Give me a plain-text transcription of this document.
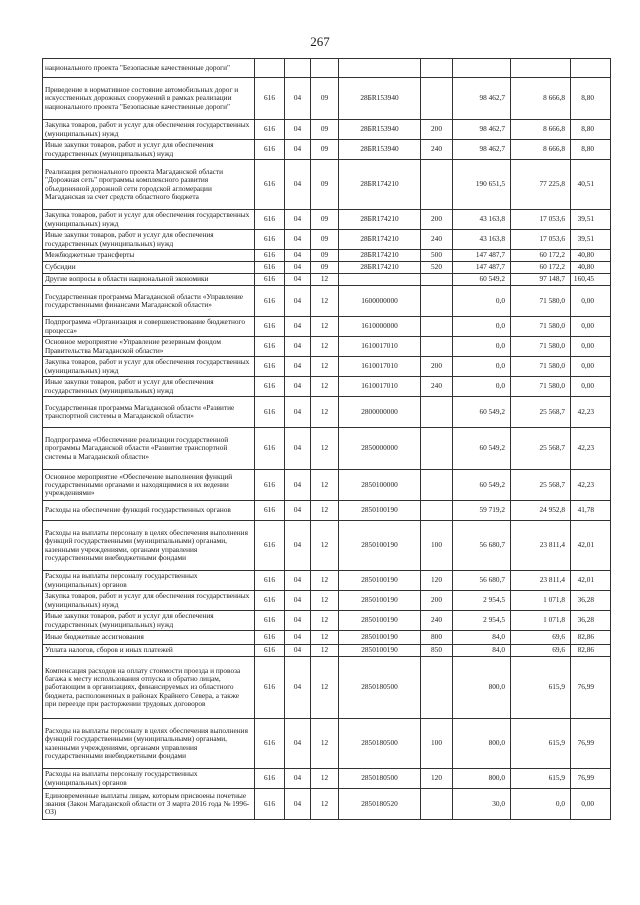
267
национального проекта "Безопасные качественные дороги"								
Приведение в нормативное состояние автомобильных дорог и искусственных дорожных сооружений в рамках реализации национального проекта "Безопасные качественные дороги"	616	04	09	28БR153940		98 462,7	8 666,8	8,80
Закупка товаров, работ и услуг для обеспечения государственных (муниципальных) нужд	616	04	09	28БR153940	200	98 462,7	8 666,8	8,80
Иные закупки товаров, работ и услуг для обеспечения государственных (муниципальных) нужд	616	04	09	28БR153940	240	98 462,7	8 666,8	8,80
Реализация регионального проекта Магаданской области "Дорожная сеть" программы комплексного развития объединенной дорожной сети городской агломерации Магаданская за счет средств областного бюджета	616	04	09	28БR174210		190 651,5	77 225,8	40,51
Закупка товаров, работ и услуг для обеспечения государственных (муниципальных) нужд	616	04	09	28БR174210	200	43 163,8	17 053,6	39,51
Иные закупки товаров, работ и услуг для обеспечения государственных (муниципальных) нужд	616	04	09	28БR174210	240	43 163,8	17 053,6	39,51
Межбюджетные трансферты	616	04	09	28БR174210	500	147 487,7	60 172,2	40,80
Субсидии	616	04	09	28БR174210	520	147 487,7	60 172,2	40,80
Другие вопросы в области национальной экономики	616	04	12			60 549,2	97 148,7	160,45
Государственная программа Магаданской области «Управление государственными финансами Магаданской области»	616	04	12	1600000000		0,0	71 580,0	0,00
Подпрограмма «Организация и совершенствование бюджетного процесса»	616	04	12	1610000000		0,0	71 580,0	0,00
Основное мероприятие «Управление резервным фондом Правительства Магаданской области»	616	04	12	1610017010		0,0	71 580,0	0,00
Закупка товаров, работ и услуг для обеспечения государственных (муниципальных) нужд	616	04	12	1610017010	200	0,0	71 580,0	0,00
Иные закупки товаров, работ и услуг для обеспечения государственных (муниципальных) нужд	616	04	12	1610017010	240	0,0	71 580,0	0,00
Государственная программа Магаданской области «Развитие транспортной системы в Магаданской области»	616	04	12	2800000000		60 549,2	25 568,7	42,23
Подпрограмма «Обеспечение реализации государственной программы Магаданской области «Развитие транспортной системы в Магаданской области»	616	04	12	2850000000		60 549,2	25 568,7	42,23
Основное мероприятие «Обеспечение выполнения функций государственными органами и находящимися в их ведении учреждениями»	616	04	12	2850100000		60 549,2	25 568,7	42,23
Расходы на обеспечение функций государственных органов	616	04	12	2850100190		59 719,2	24 952,8	41,78
Расходы на выплаты персоналу в целях обеспечения выполнения функций государственными (муниципальными) органами, казенными учреждениями, органами управления государственными внебюджетными фондами	616	04	12	2850100190	100	56 680,7	23 811,4	42,01
Расходы на выплаты персоналу государственных (муниципальных) органов	616	04	12	2850100190	120	56 680,7	23 811,4	42,01
Закупка товаров, работ и услуг для обеспечения государственных (муниципальных) нужд	616	04	12	2850100190	200	2 954,5	1 071,8	36,28
Иные закупки товаров, работ и услуг для обеспечения государственных (муниципальных) нужд	616	04	12	2850100190	240	2 954,5	1 071,8	36,28
Иные бюджетные ассигнования	616	04	12	2850100190	800	84,0	69,6	82,86
Уплата налогов, сборов и иных платежей	616	04	12	2850100190	850	84,0	69,6	82,86
Компенсация расходов на оплату стоимости проезда и провоза багажа к месту использования отпуска и обратно лицам, работающим в организациях, финансируемых из областного бюджета, расположенных в районах Крайнего Севера, а также при переезде при расторжении трудовых договоров	616	04	12	2850180500		800,0	615,9	76,99
Расходы на выплаты персоналу в целях обеспечения выполнения функций государственными (муниципальными) органами, казенными учреждениями, органами управления государственными внебюджетными фондами	616	04	12	2850180500	100	800,0	615,9	76,99
Расходы на выплаты персоналу государственных (муниципальных) органов	616	04	12	2850180500	120	800,0	615,9	76,99
Единовременные выплаты лицам, которым присвоены почетные звания (Закон Магаданской области от 3 марта 2016 года № 1996-ОЗ)	616	04	12	2850180520		30,0	0,0	0,00
